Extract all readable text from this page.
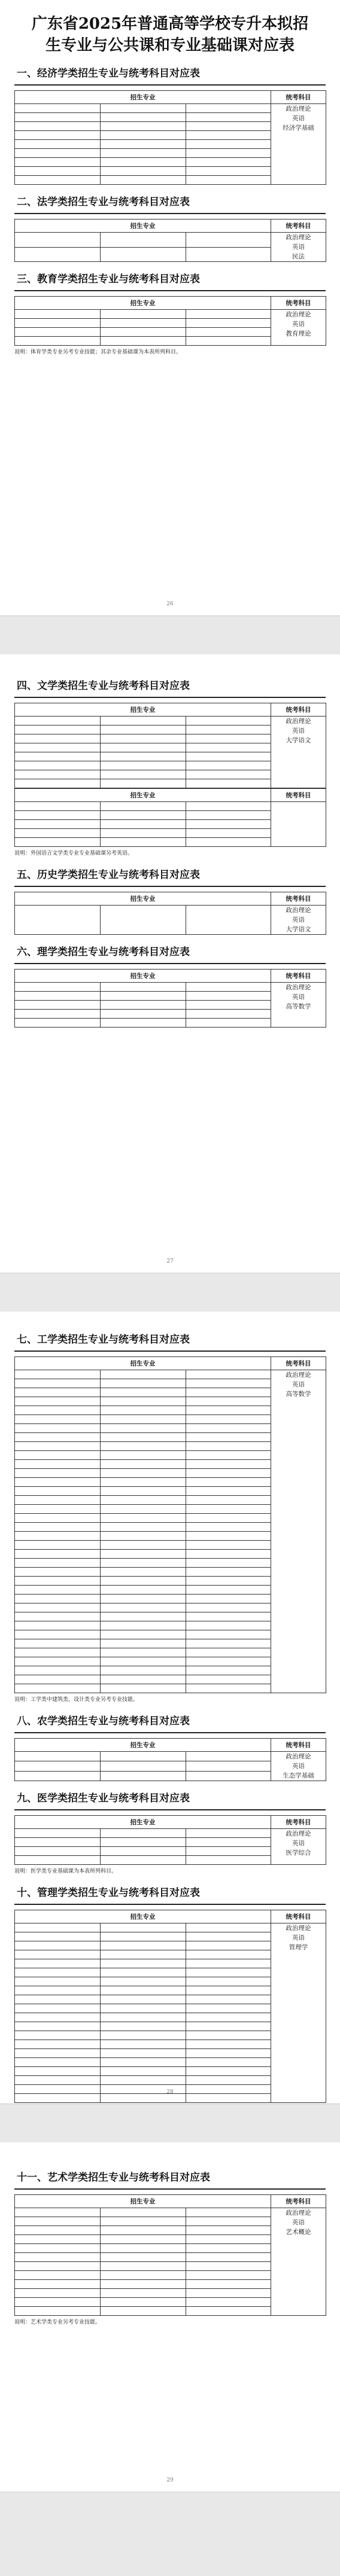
广东省2025年普通高等学校专升本拟招生专业与公共课和专业基础课对应表
一、经济学类招生专业与统考科目对应表
招生专业			统考科目

			政治理论
英语
经济学基础

二、法学类招生专业与统考科目对应表
招生专业			统考科目

			政治理论
英语
民法

三、教育学类招生专业与统考科目对应表
招生专业			统考科目

			政治理论
英语
教育理论

说明：体育学类专业另考专业技能；其余专业基础课为本表所列科目。
26
四、文学类招生专业与统考科目对应表
招生专业			统考科目

			政治理论
英语
大学语文

招生专业			统考科目

说明：外国语言文学类专业专业基础课另考英语。
五、历史学类招生专业与统考科目对应表
招生专业			统考科目

			政治理论
英语
大学语文
六、理学类招生专业与统考科目对应表
招生专业			统考科目

			政治理论
英语
高等数学

27
七、工学类招生专业与统考科目对应表
招生专业			统考科目

			政治理论
英语
高等数学

说明：工学类中建筑类、设计类专业另考专业技能。
八、农学类招生专业与统考科目对应表
招生专业			统考科目

			政治理论
英语
生态学基础

九、医学类招生专业与统考科目对应表
招生专业			统考科目

			政治理论
英语
医学综合

说明：医学类专业基础课为本表所列科目。
十、管理学类招生专业与统考科目对应表
招生专业			统考科目

			政治理论
英语
管理学

28
十一、艺术学类招生专业与统考科目对应表
招生专业			统考科目

			政治理论
英语
艺术概论

说明：艺术学类专业另考专业技能。
29
